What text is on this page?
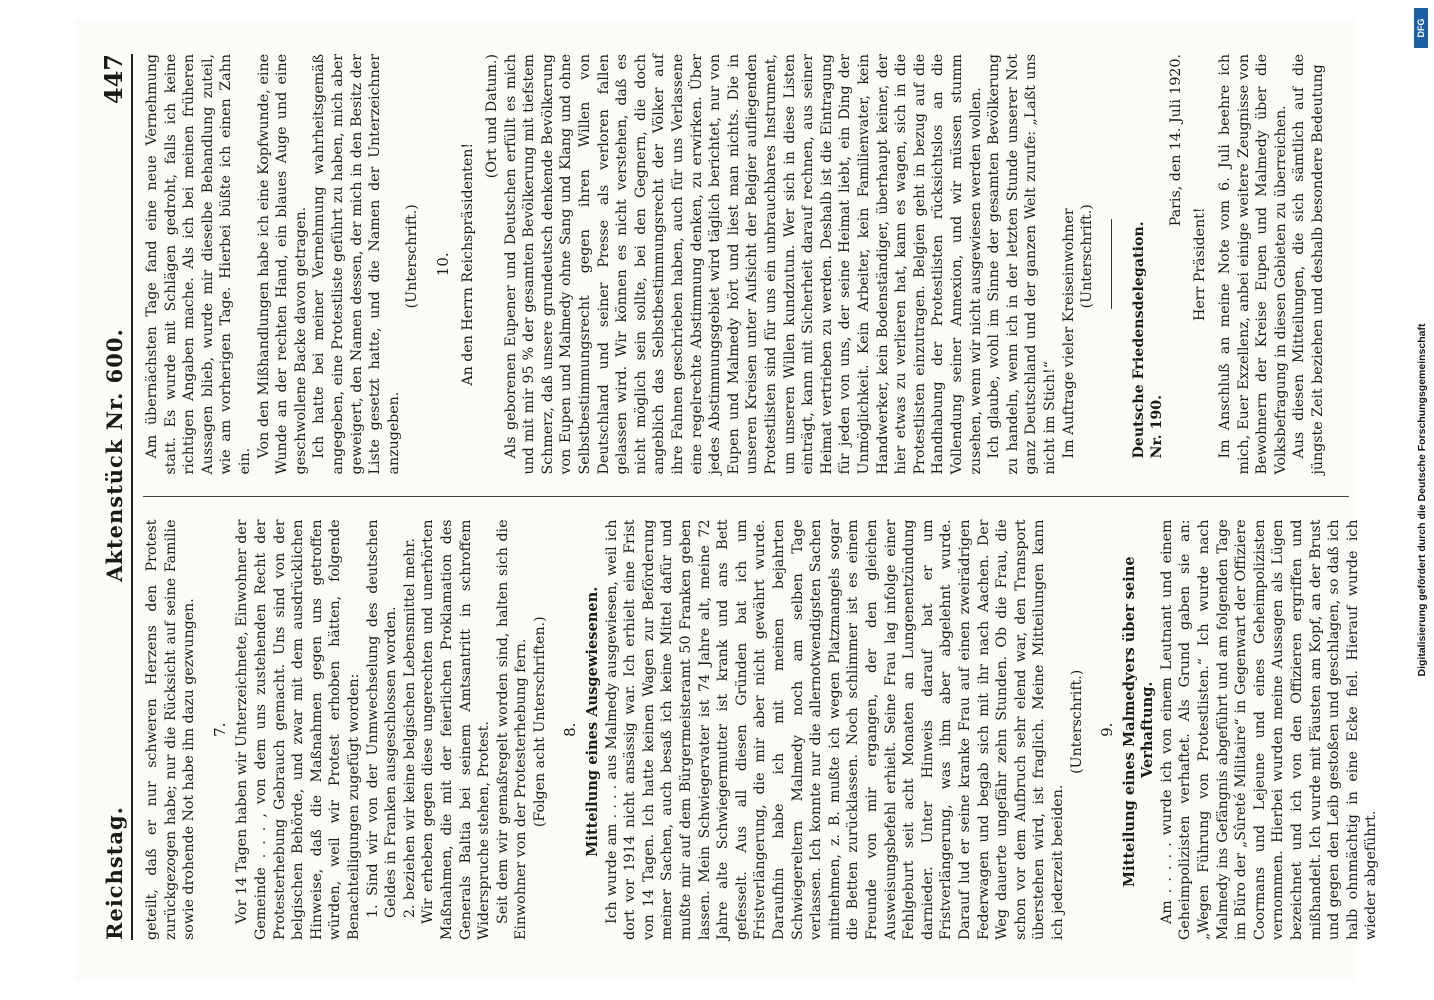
Reichstag.
Aktenstück Nr. 600.
447

geteilt, daß er nur schweren Herzens den Protest zurückgezogen habe; nur die Rücksicht auf seine Familie sowie drohende Not habe ihn dazu gezwungen. 7. Vor 14 Tagen haben wir Unterzeichnete, Einwohner der Gemeinde . . . , von dem uns zustehenden Recht der Protesterhebung Gebrauch gemacht. Uns sind von der belgischen Behörde, und zwar mit dem ausdrücklichen Hinweise, daß die Maßnahmen gegen uns getroffen würden, weil wir Protest erhoben hätten, folgende Benachteiligungen zugefügt worden: 1. Sind wir von der Unmwechselung des deutschen Geldes in Franken ausgeschlossen worden. 2. beziehen wir keine belgischen Lebensmittel mehr. Wir erheben gegen diese ungerechten und unerhörten Maßnahmen, die mit der feierlichen Proklamation des Generals Baltia bei seinem Amtsantritt in schroffem Widerspruche stehen, Protest. Seit dem wir gemaßregelt worden sind, halten sich die Einwohner von der Protesterhebung fern. (Folgen acht Unterschriften.) 8. Mitteilung eines Ausgewiesenen. Ich wurde am . . . . aus Malmedy ausgewiesen, weil ich dort vor 1914 nicht ansässig war. Ich erhielt eine Frist von 14 Tagen. Ich hatte keinen Wagen zur Beförderung meiner Sachen, auch besaß ich keine Mittel dafür und mußte mir auf dem Bürgermeisteramt 50 Franken geben lassen. Mein Schwiegervater ist 74 Jahre alt, meine 72 Jahre alte Schwiegermutter ist krank und ans Bett gefesselt. Aus all diesen Gründen bat ich um Fristverlängerung, die mir aber nicht gewährt wurde. Daraufhin habe ich mit meinen bejahrten Schwiegereltern Malmedy noch am selben Tage verlassen. Ich konnte nur die allernotwendigsten Sachen mitnehmen, z. B. mußte ich wegen Platzmangels sogar die Betten zurücklassen. Noch schlimmer ist es einem Freunde von mir ergangen, der den gleichen Ausweisungsbefehl erhielt. Seine Frau lag infolge einer Fehlgeburt seit acht Monaten an Lungenentzündung darnieder. Unter Hinweis darauf bat er um Fristverlängerung, was ihm aber abgelehnt wurde. Darauf lud er seine kranke Frau auf einen zweirädrigen Federwagen und begab sich mit ihr nach Aachen. Der Weg dauerte ungefähr zehn Stunden. Ob die Frau, die schon vor dem Aufbruch sehr elend war, den Transport überstehen wird, ist fraglich. Meine Mitteilungen kann ich jederzeit beeiden.

(Unterschrift.) 9. Mitteilung eines Malmedyers über seine Verhaftung. Am . . . . . wurde ich von einem Leutnant und einem Geheimpolizisten verhaftet. Als Grund gaben sie an: „Wegen Führung von Protestlisten.“ Ich wurde nach Malmedy ins Gefängnis abgeführt und am folgenden Tage im Büro der „Sûreté Militaire“ in Gegenwart der Offiziere Coormans und Lejeune und eines Geheimpolizisten vernommen. Hierbei wurden meine Aussagen als Lügen bezeichnet und ich von den Offizieren ergriffen und mißhandelt. Ich wurde mit Fäusten am Kopf, an der Brust und gegen den Leib gestoßen und geschlagen, so daß ich halb ohnmächtig in eine Ecke fiel. Hierauf wurde ich wieder abgeführt.

Am übernächsten Tage fand eine neue Vernehmung statt. Es wurde mit Schlägen gedroht, falls ich keine richtigen Angaben mache. Als ich bei meinen früheren Aussagen blieb, wurde mir dieselbe Behandlung zuteil, wie am vorherigen Tage. Hierbei büßte ich einen Zahn ein.

Von den Mißhandlungen habe ich eine Kopfwunde, eine Wunde an der rechten Hand, ein blaues Auge und eine geschwollene Backe davon getragen. Ich hatte bei meiner Vernehmung wahrheitsgemäß angegeben, eine Protestliste geführt zu haben, mich aber geweigert, den Namen dessen, der mich in den Besitz der Liste gesetzt hatte, und die Namen der Unterzeichner anzugeben.

(Unterschrift.) 10. An den Herrn Reichspräsidenten!

(Ort und Datum.) Als geborenen Eupener und Deutschen erfüllt es mich und mit mir 95 % der gesamten Bevölkerung mit tiefstem Schmerz, daß unsere grundeutsch denkende Bevölkerung von Eupen und Malmedy ohne Sang und Klang und ohne Selbstbestimmungsrecht gegen ihren Willen von Deutschland und seiner Presse als verloren fallen gelassen wird. Wir können es nicht verstehen, daß es nicht möglich sein sollte, bei den Gegnern, die doch angeblich das Selbstbestimmungsrecht der Völker auf ihre Fahnen geschrieben haben, auch für uns Verlassene eine regelrechte Abstimmung denken, zu erwirken. Über jedes Abstimmungsgebiet wird täglich berichtet, nur von Eupen und Malmedy hört und liest man nichts. Die in unseren Kreisen unter Aufsicht der Belgier aufliegenden Protestlisten sind für uns ein unbrauchbares Instrument, um unseren Willen kundzutun. Wer sich in diese Listen einträgt, kann mit Sicherheit darauf rechnen, aus seiner Heimat vertrieben zu werden. Deshalb ist die Eintragung für jeden von uns, der seine Heimat liebt, ein Ding der Unmöglichkeit. Kein Arbeiter, kein Familienvater, kein Handwerker, kein Bodenständiger, überhaupt keiner, der hier etwas zu verlieren hat, kann es wagen, sich in die Protestlisten einzutragen. Belgien geht in bezug auf die Handhabung der Protestlisten rücksichtslos an die Vollendung seiner Annexion, und wir müssen stumm zusehen, wenn wir nicht ausgewiesen werden wollen. Ich glaube, wohl im Sinne der gesamten Bevölkerung zu handeln, wenn ich in der letzten Stunde unserer Not ganz Deutschland und der ganzen Welt zurufe: „Laßt uns nicht im Stich!“ Im Auftrage vieler Kreiseinwohner (Unterschrift.)	Deutsche Friedensdelegation. Nr. 190.

Paris, den 14. Juli 1920.

Herr Präsident! Im Anschluß an meine Note vom 6. Juli beehre ich mich, Euer Exzellenz, anbei einige weitere Zeugnisse von Bewohnern der Kreise Eupen und Malmedy über die Volksbefragung in diesen Gebieten zu überreichen. Aus diesen Mitteilungen, die sich sämtlich auf die jüngste Zeit beziehen und deshalb besondere Bedeutung

Digitalisierung gefördert durch die Deutsche Forschungsgemeinschaft
DFG
